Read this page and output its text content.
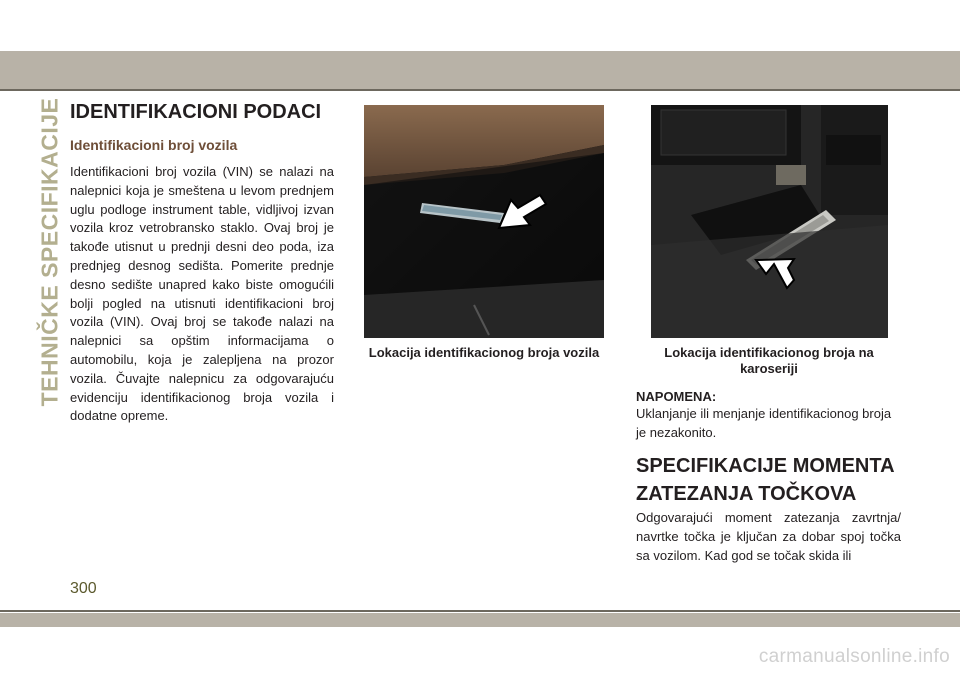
TEHNIČKE SPECIFIKACIJE IDENTIFIKACIONI PODACI
Identifikacioni broj vozila

Identifikacioni broj vozila (VIN) se nalazi na nalepnici koja je smeštena u levom prednjem uglu podloge instrument table, vidljivoj izvan vozila kroz vetrobransko staklo. Ovaj broj je takođe utisnut u prednji desni deo poda, iza prednjeg desnog sedišta. Pomerite prednje desno sedište unapred kako biste omogućili bolji pogled na utisnuti identifikacioni broj vozila (VIN). Ovaj broj se takođe nalazi na nalepnici sa opštim informacijama o automobilu, koja je zalepljena na prozor vozila. Čuvajte nalepnicu za odgovarajuću evidenciju identifikacionog broja vozila i dodatne opreme.

Lokacija identifikacionog broja vozila	Lokacija identifikacionog broja na karoseriji

NAPOMENA:

Uklanjanje ili menjanje identifikacionog broja je nezakonito.

SPECIFIKACIJE MOMENTA ZATEZANJA TOČKOVA

Odgovarajući moment zatezanja zavrtnja/ navrtke točka je ključan za dobar spoj točka sa vozilom. Kad god se točak skida ili

300

carmanualsonline.info
